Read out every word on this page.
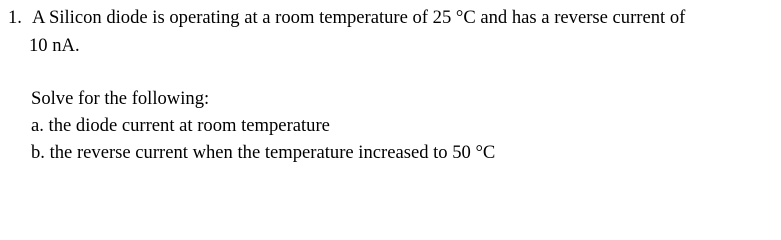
1. A Silicon diode is operating at a room temperature of 25 °C and has a reverse current of
10 nA.
Solve for the following:
a. the diode current at room temperature
b. the reverse current when the temperature increased to 50 °C
